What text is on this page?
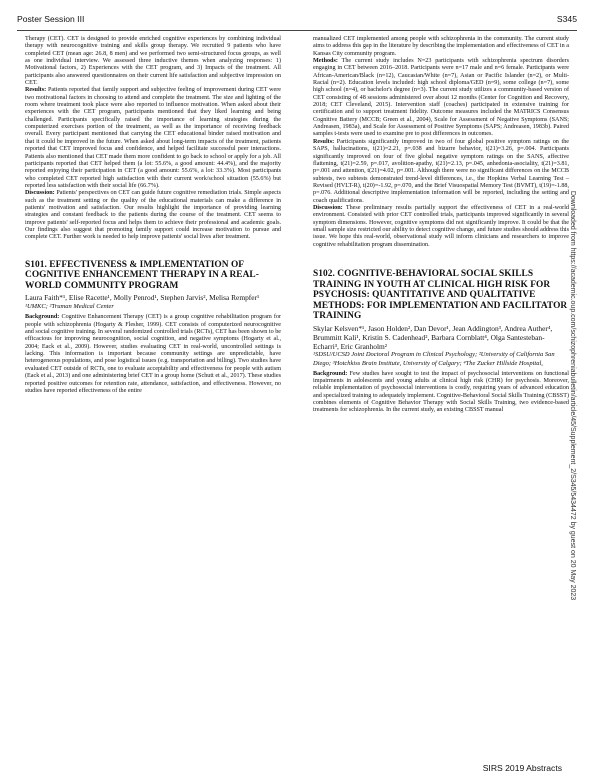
Poster Session III	S345

Therapy (CET). CET is designed to provide enriched cognitive experiences by combining individual therapy with neurocognitive training and skills group therapy. We recruited 9 patients who have completed CET (mean age: 26.8, 8 men) and we performed two semi-structured focus groups, as well as one individual interview. We assessed three inductive themes when analyzing responses: 1) Motivational factors, 2) Experiences with the CET program, and 3) Impacts of the treatment. All participants also answered questionnaires on their current life satisfaction and subjective impression on CET.

Results: Patients reported that family support and subjective feeling of improvement during CET were two motivational factors in choosing to attend and complete the treatment. The size and lighting of the room where treatment took place were also reported to influence motivation. When asked about their experiences with the CET program, participants mentioned that they liked learning and being challenged. Participants specifically raised the importance of learning strategies during the computerized exercises portion of the treatment, as well as the importance of receiving feedback overall. Every participant mentioned that carrying the CET educational binder raised motivation and that it could be improved in the future. When asked about long-term impacts of the treatment, patients reported that CET improved focus and confidence, and helped facilitate successful peer interactions. Patients also mentioned that CET made them more confident to go back to school or apply for a job. All participants reported that CET helped them (a lot: 55.6%, a good amount: 44.4%), and the majority reported enjoying their participation in CET (a good amount: 55.6%, a lot: 33.3%). Most participants who completed CET reported high satisfaction with their current work/school situation (55.6%) but reported less satisfaction with their social life (66.7%).

Discussion: Patients' perspectives on CET can guide future cognitive remediation trials. Simple aspects such as the treatment setting or the quality of the educational materials can make a difference in patients' motivation and satisfaction. Our results highlight the importance of providing learning strategies and constant feedback to the patients during the course of the treatment. CET seems to improve patients' self-reported focus and helps them to achieve their professional and academic goals. Our findings also suggest that promoting family support could increase motivation to pursue and complete CET. Further work is needed to help improve patients' social lives after treatment.

S101. EFFECTIVENESS & IMPLEMENTATION OF COGNITIVE ENHANCEMENT THERAPY IN A REAL-WORLD COMMUNITY PROGRAM

Laura Faith*¹, Elise Racette¹, Molly Penrod¹, Stephen Jarvis², Melisa Rempfer¹

¹UMKC; ²Truman Medical Center

Background: Cognitive Enhancement Therapy (CET) is a group cognitive rehabilitation program for people with schizophrenia (Hogarty & Flesher, 1999). CET consists of computerized neurocognitive and social cognitive training. In several randomized controlled trials (RCTs), CET has been shown to be efficacious for improving neurocognition, social cognition, and negative symptoms (Hogarty et al., 2004; Eack et al., 2009). However, studies evaluating CET in real-world, uncontrolled settings is lacking. This information is important because community settings are unpredictable, have heterogeneous populations, and pose logistical issues (e.g. transportation and billing). Two studies have evaluated CET outside of RCTs, one to evaluate acceptability and effectiveness for people with autism (Eack et al., 2013) and one administering brief CET in a group home (Schutt et al., 2017). These studies reported positive outcomes for retention rate, attendance, satisfaction, and effectiveness. However, no studies have reported effectiveness of the entire

manualized CET implemented among people with schizophrenia in the community. The current study aims to address this gap in the literature by describing the implementation and effectiveness of CET in a Kansas City community program.

Methods: The current study includes N=23 participants with schizophrenia spectrum disorders engaging in CET between 2016–2018. Participants were n=17 male and n=6 female. Participants were African-American/Black (n=12), Caucasian/White (n=7), Asian or Pacific Islander (n=2), or Multi-Racial (n=2). Education levels included: high school diploma/GED (n=9), some college (n=7), some high school (n=4), or bachelor's degree (n=3). The current study utilizes a community-based version of CET consisting of 48 sessions administered over about 12 months (Center for Cognition and Recovery, 2018; CET Cleveland, 2015). Intervention staff (coaches) participated in extensive training for certification and to support treatment fidelity. Outcome measures included the MATRICS Consensus Cognitive Battery (MCCB; Green et al., 2004), Scale for Assessment of Negative Symptoms (SANS; Andreasen, 1983a), and Scale for Assessment of Positive Symptoms (SAPS; Andreasen, 1983b). Paired samples t-tests were used to examine pre to post differences in outcomes.

Results: Participants significantly improved in two of four global positive symptom ratings on the SAPS, hallucinations, t(21)=2.21, p=.038 and bizarre behavior, t(21)=3.26, p=.004. Participants significantly improved on four of five global negative symptom ratings on the SANS, affective flattening, t(21)=2.59, p=.017, avolition-apathy, t(21)=2.13, p=.045, anhedonia-asociality, t(21)=3.81, p=.001 and attention, t(21)=4.02, p=.001. Although there were no significant differences on the MCCB subtests, two subtests demonstrated trend-level differences, i.e., the Hopkins Verbal Learning Test – Revised (HVLT-R), t(20)=-1.92, p=.070, and the Brief Visuospatial Memory Test (BVMT), t(19)=-1.88, p=.076. Additional descriptive implementation information will be reported, including the setting and coach qualifications.

Discussion: These preliminary results partially support the effectiveness of CET in a real-world environment. Consisted with prior CET controlled trials, participants improved significantly in several symptom dimensions. However, cognitive symptoms did not significantly improve. It could be that the small sample size restricted our ability to detect cognitive change, and future studies should address this issue. We hope this real-world, observational study will inform clinicians and researchers to improve cognitive rehabilitation program dissemination.

S102. COGNITIVE-BEHAVIORAL SOCIAL SKILLS TRAINING IN YOUTH AT CLINICAL HIGH RISK FOR PSYCHOSIS: QUANTITATIVE AND QUALITATIVE METHODS: FOR IMPLEMENTATION AND FACILITATOR TRAINING

Skylar Kelsven*¹, Jason Holden², Dan Devor¹, Jean Addington³, Andrea Auther⁴, Brummitt Kali¹, Kristin S. Cadenhead², Barbara Cornblatt⁴, Olga Santesteban-Echarri³, Eric Granholm²

¹SDSU/UCSD Joint Doctoral Program in Clinical Psychology; ²University of California San Diego; ³Hotchkiss Brain Institute, University of Calgary; ⁴The Zucker Hillside Hospital,

Background: Few studies have sought to test the impact of psychosocial interventions on functional impairments in adolescents and young adults at clinical high risk (CHR) for psychosis. Moreover, reliable implementation of psychosocial interventions is costly, requiring years of advanced education and specialized training to adequately implement. Cognitive-Behavioral Social Skills Training (CBSST) combines elements of Cognitive Behavior Therapy with Social Skills Training, two evidence-based treatments for schizophrenia. In the current study, an existing CBSST manual	Downloaded from https://academic.oup.com/schizophreniabulletin/article/45/Supplement_2/S345/5434472 by guest on 20 May 2023
SIRS 2019 Abstracts
